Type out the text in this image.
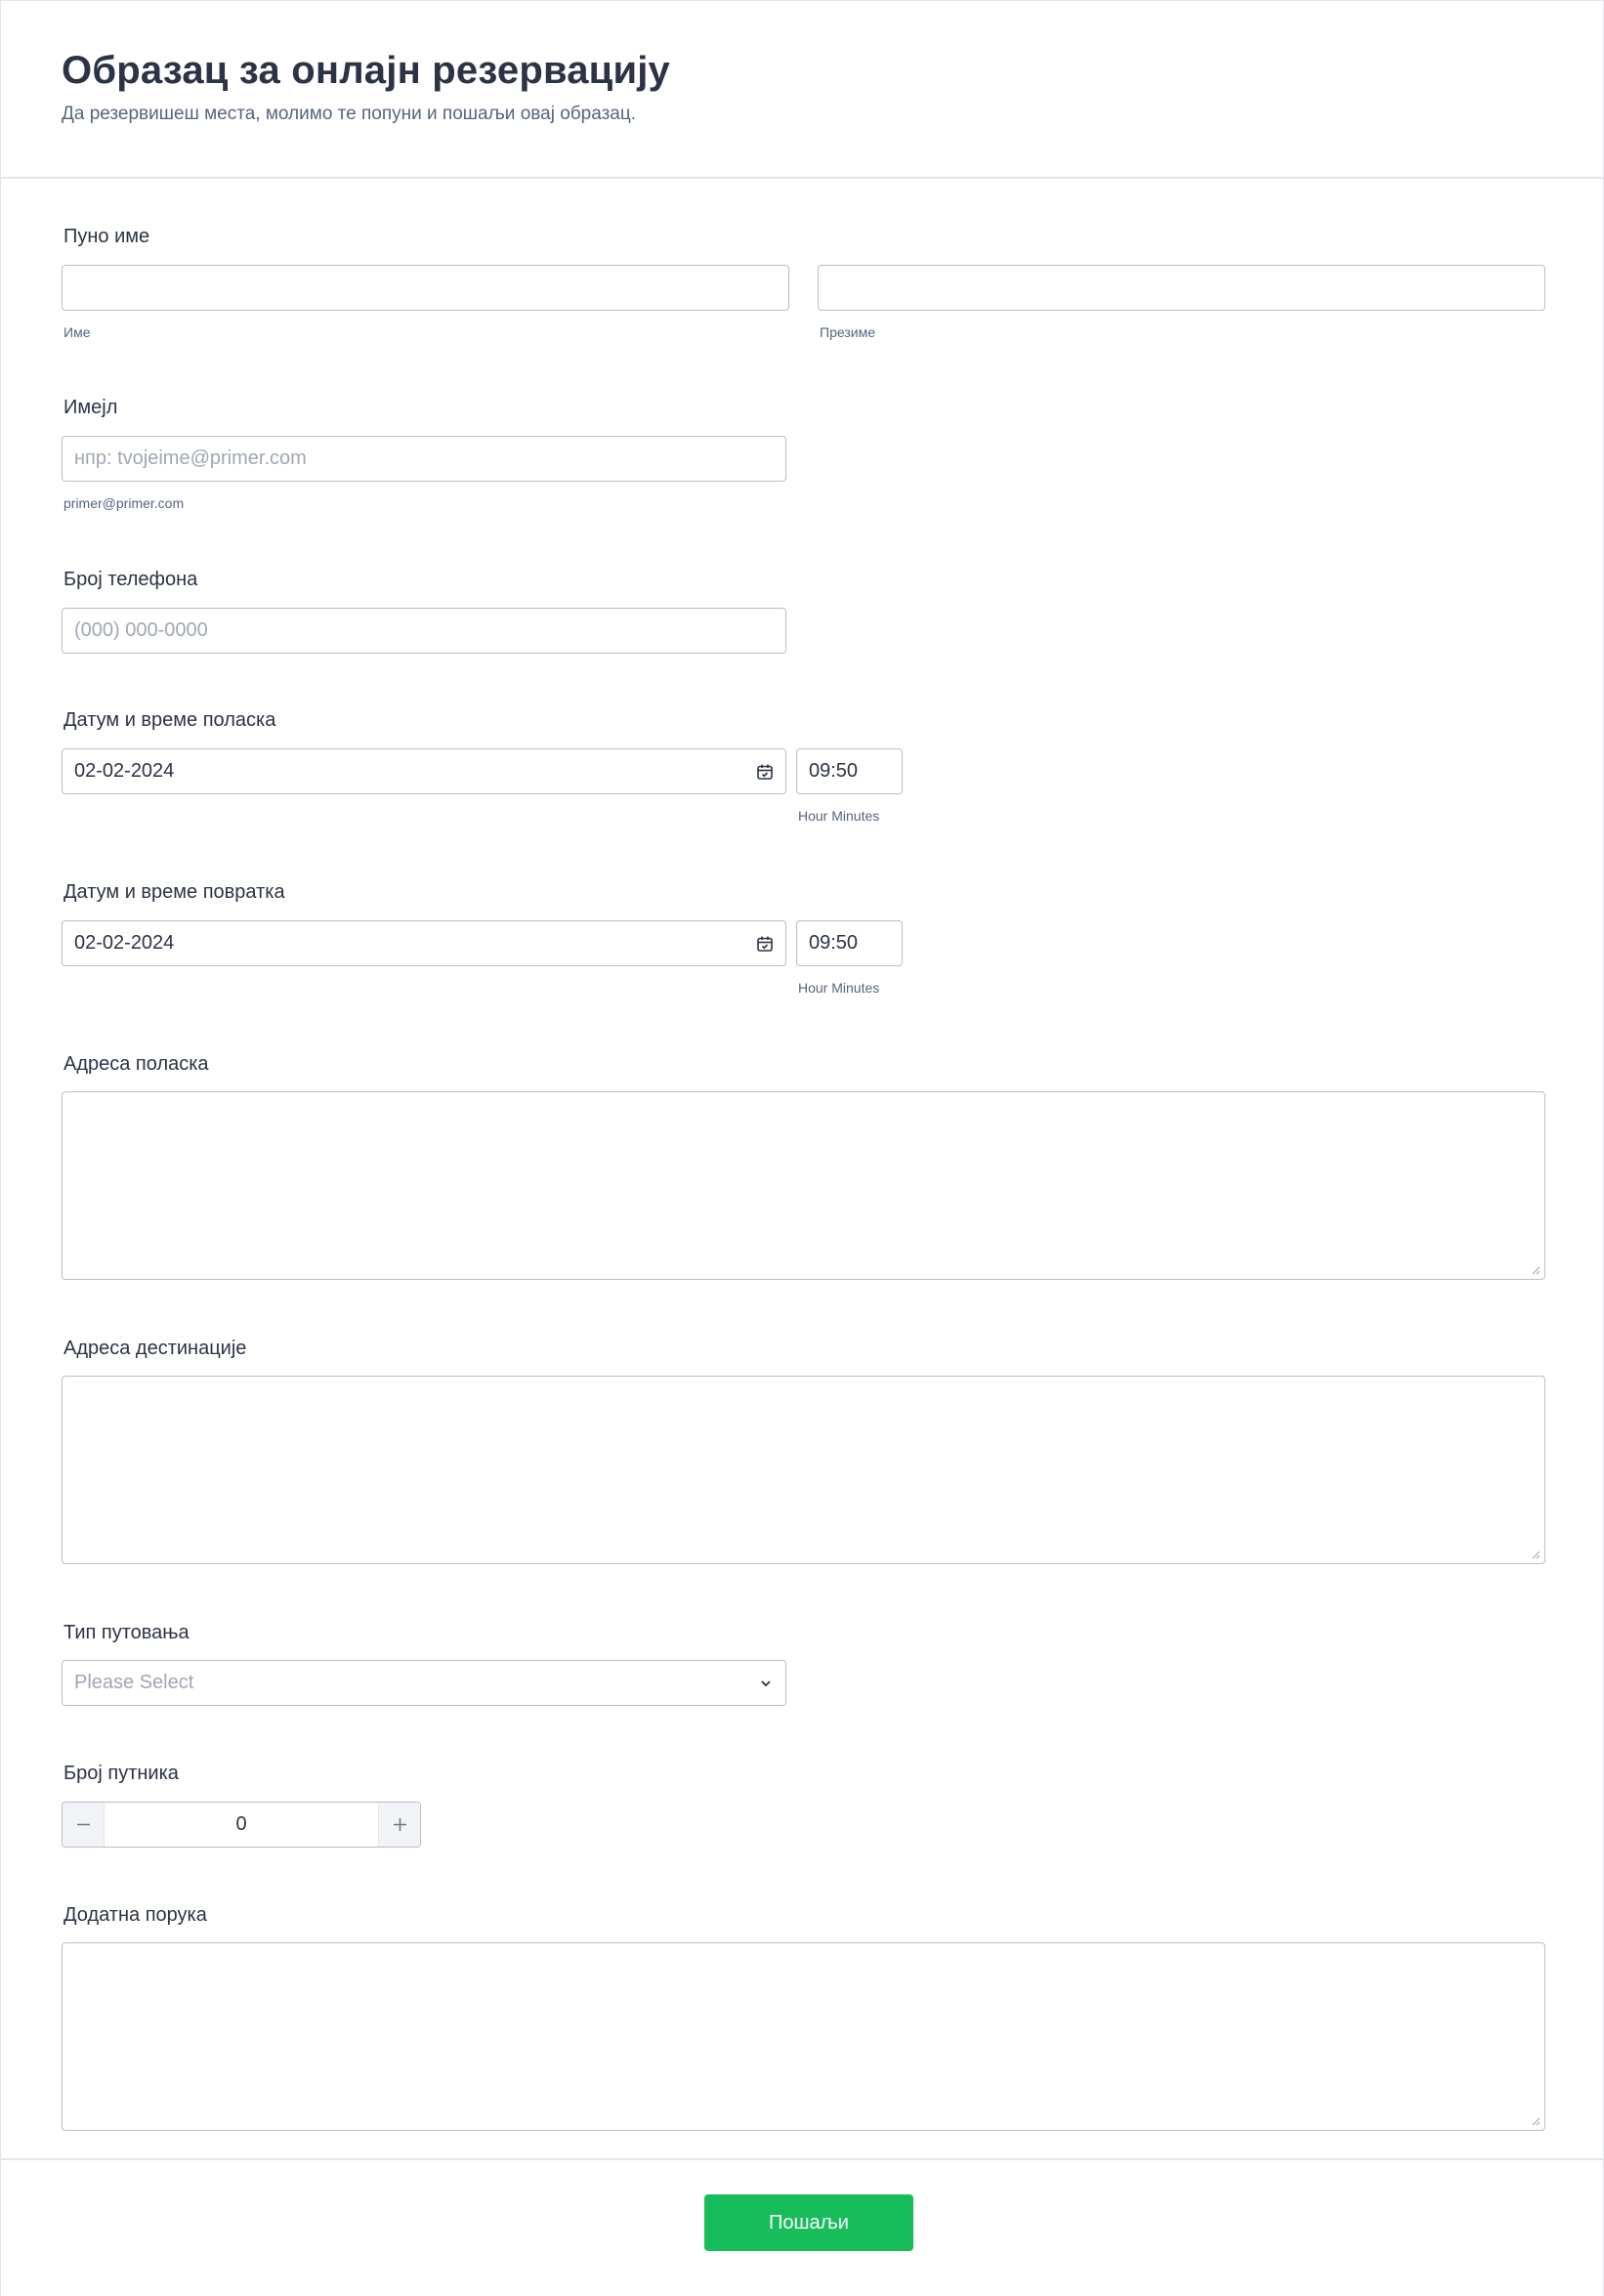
Образац за онлајн резервацију
Да резервишеш места, молимо те попуни и пошаљи овај образац.
Пуно име
Име	Презиме
Имејл
нпр: tvojeime@primer.com
primer@primer.com
Број телефона
(000) 000-0000
Датум и време поласка
02-02-2024	09:50
Hour Minutes
Датум и време повратка
02-02-2024	09:50
Hour Minutes
Адреса поласка
Адреса дестинације
Тип путовања
Please Select
Број путника
0
Додатна порука
Пошаљи
